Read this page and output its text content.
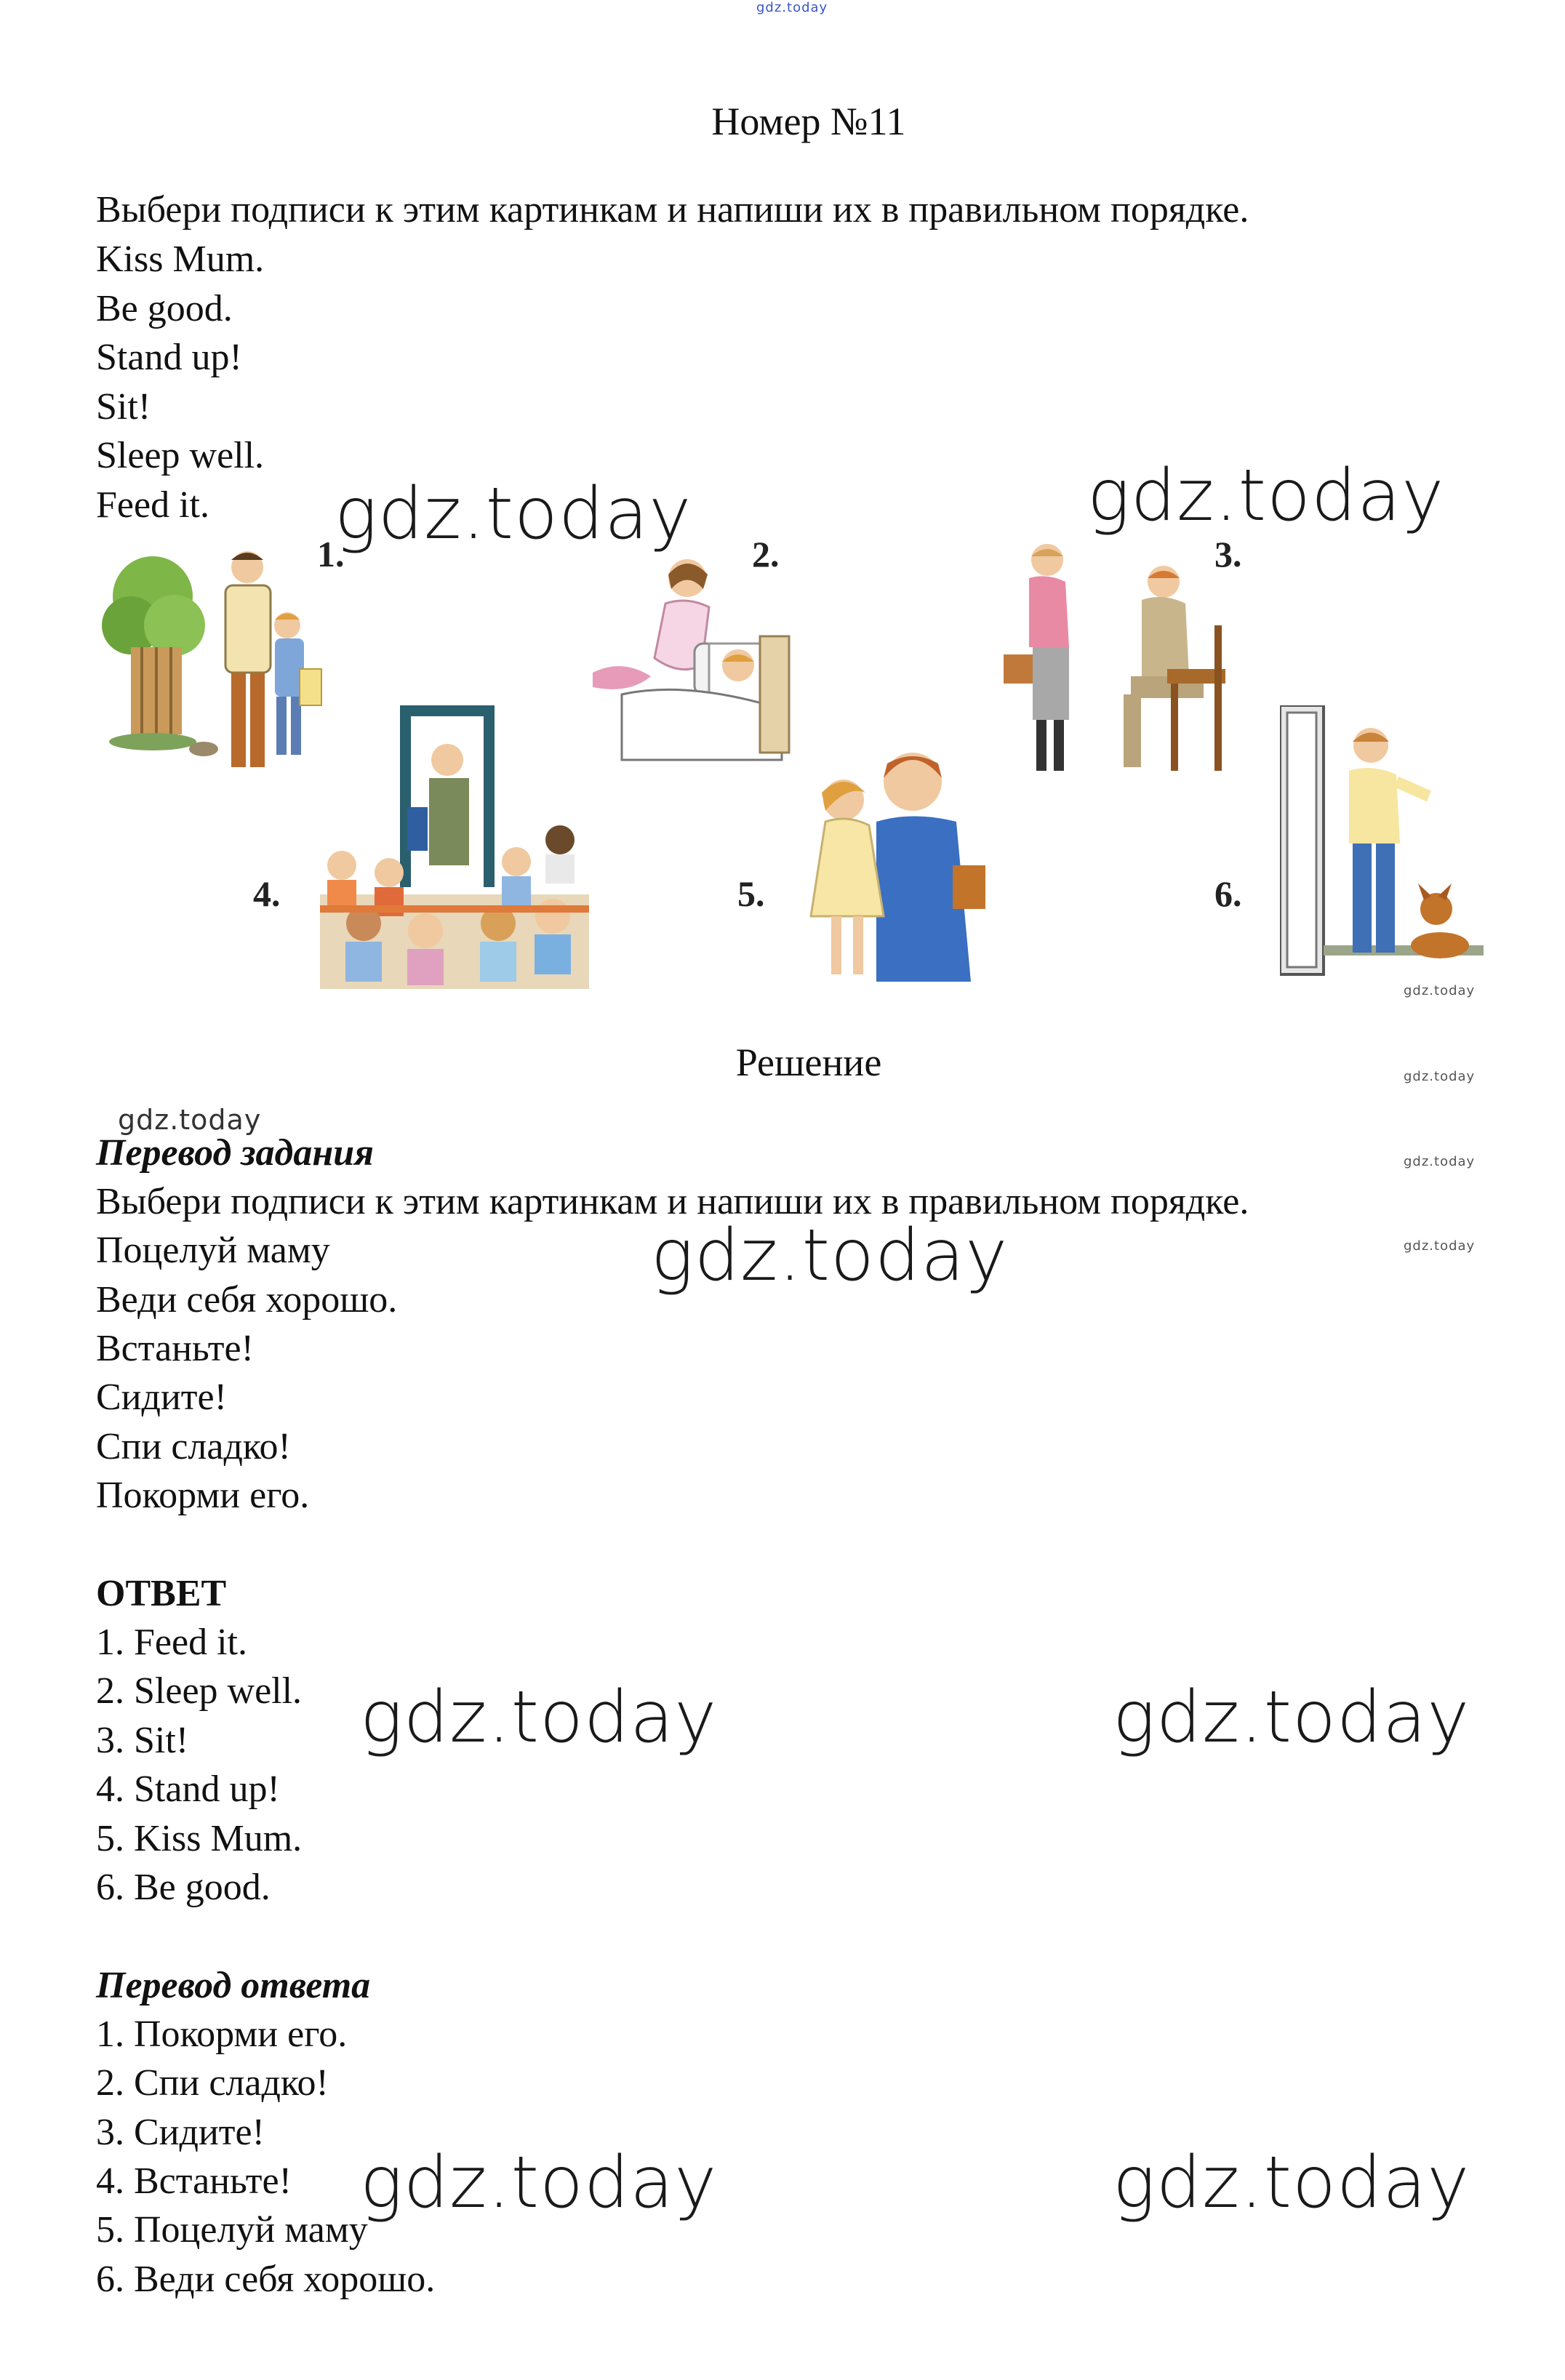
gdz.today
Номер №11
Выбери подписи к этим картинкам и напиши их в правильном порядке.
Kiss Mum.
Be good.
Stand up!
Sit!
Sleep well.
Feed it.
1.	2.	3.
4.	5.	6.
Решение
Перевод задания
Выбери подписи к этим картинкам и напиши их в правильном порядке.
Поцелуй маму
Веди себя хорошо.
Встаньте!
Сидите!
Спи сладко!
Покорми его.
ОТВЕТ
1. Feed it.
2. Sleep well.
3. Sit!
4. Stand up!
5. Kiss Mum.
6. Be good.
Перевод ответа
1. Покорми его.
2. Спи сладко!
3. Сидите!
4. Встаньте!
5. Поцелуй маму
6. Веди себя хорошо.
gdz.today	gdz.today
gdz.today
gdz.today
gdz.today
gdz.today
gdz.today	gdz.today
gdz.today	gdz.today
gdz.today	gdz.today
